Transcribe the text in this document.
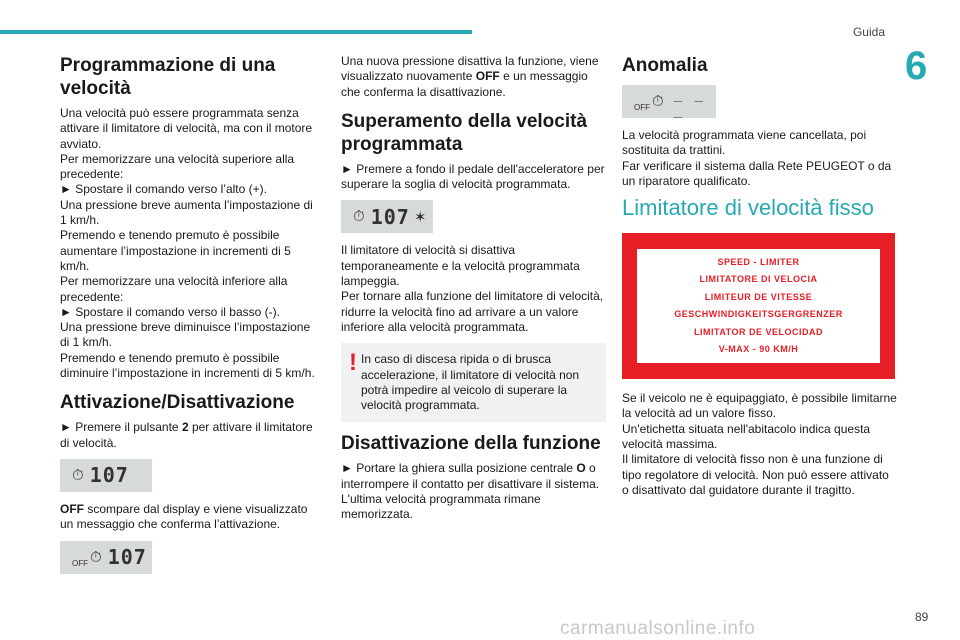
Guida
6
Programmazione di una velocità

Una velocità può essere programmata senza attivare il limitatore di velocità, ma con il motore avviato.

Per memorizzare una velocità superiore alla precedente:

► Spostare il comando verso l’alto (+).

Una pressione breve aumenta l’impostazione di 1 km/h.

Premendo e tenendo premuto è possibile aumentare l’impostazione in incrementi di 5 km/h.

Per memorizzare una velocità inferiore alla precedente:

► Spostare il comando verso il basso (-).

Una pressione breve diminuisce l’impostazione di 1 km/h.

Premendo e tenendo premuto è possibile diminuire l’impostazione in incrementi di 5 km/h.

Attivazione/Disattivazione

► Premere il pulsante 2 per attivare il limitatore di velocità.

⏱ 107

OFF scompare dal display e viene visualizzato un messaggio che conferma l’attivazione.

OFF ⏱ 107

Una nuova pressione disattiva la funzione, viene visualizzato nuovamente OFF e un messaggio che conferma la disattivazione.

Superamento della velocità programmata

► Premere a fondo il pedale dell'acceleratore per superare la soglia di velocità programmata.

⏱ 107 ✶

Il limitatore di velocità si disattiva temporaneamente e la velocità programmata lampeggia.

Per tornare alla funzione del limitatore di velocità, ridurre la velocità fino ad arrivare a un valore inferiore alla velocità programmata.

! In caso di discesa ripida o di brusca accelerazione, il limitatore di velocità non potrà impedire al veicolo di superare la velocità programmata.

Disattivazione della funzione

► Portare la ghiera sulla posizione centrale O o interrompere il contatto per disattivare il sistema.

L'ultima velocità programmata rimane memorizzata.

Anomalia
OFF ⏱ _ _ _

La velocità programmata viene cancellata, poi sostituita da trattini.

Far verificare il sistema dalla Rete PEUGEOT o da un riparatore qualificato.

Limitatore di velocità fisso
SPEED - LIMITER
LIMITATORE DI VELOCIA
LIMITEUR DE VITESSE
GESCHWINDIGKEITSGERGRENZER
LIMITATOR DE VELOCIDAD
V-MAX - 90 KM/H

Se il veicolo ne è equipaggiato, è possibile limitarne la velocità ad un valore fisso.

Un'etichetta situata nell'abitacolo indica questa velocità massima.

Il limitatore di velocità fisso non è una funzione di tipo regolatore di velocità. Non può essere attivato o disattivato dal guidatore durante il tragitto.

carmanualsonline.info
89
